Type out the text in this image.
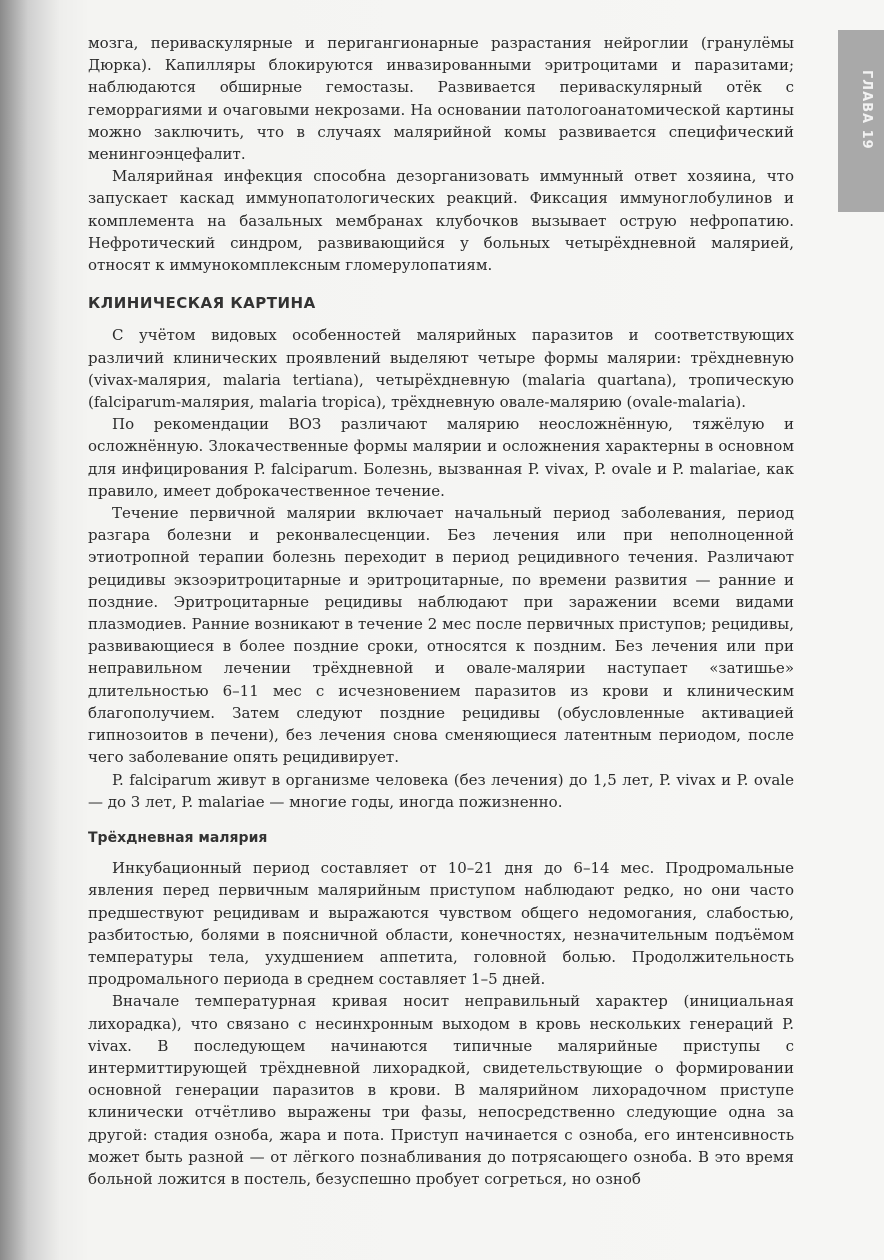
ГЛАВА 19

мозга, периваскулярные и перигангионарные разрастания нейроглии (гранулёмы Дюрка). Капилляры блокируются инвазированными эритроцитами и паразитами; наблюдаются обширные гемостазы. Развивается периваскулярный отёк с геморрагиями и очаговыми некрозами. На основании патологоанатомической картины можно заключить, что в случаях малярийной комы развивается специфический менингоэнцефалит.

Малярийная инфекция способна дезорганизовать иммунный ответ хозяина, что запускает каскад иммунопатологических реакций. Фиксация иммуноглобулинов и комплемента на базальных мембранах клубочков вызывает острую нефропатию. Нефротический синдром, развивающийся у больных четырёхдневной малярией, относят к иммунокомплексным гломерулопатиям.

КЛИНИЧЕСКАЯ КАРТИНА

С учётом видовых особенностей малярийных паразитов и соответствующих различий клинических проявлений выделяют четыре формы малярии: трёхдневную (vivax-малярия, malaria tertiana), четырёхдневную (malaria quartana), тропическую (falciparum-малярия, malaria tropica), трёхдневную овале-малярию (ovale-malaria).

По рекомендации ВОЗ различают малярию неосложнённую, тяжёлую и осложнённую. Злокачественные формы малярии и осложнения характерны в основном для инфицирования P. falciparum. Болезнь, вызванная P. vivax, P. ovale и P. malariae, как правило, имеет доброкачественное течение.

Течение первичной малярии включает начальный период заболевания, период разгара болезни и реконвалесценции. Без лечения или при неполноценной этиотропной терапии болезнь переходит в период рецидивного течения. Различают рецидивы экзоэритроцитарные и эритроцитарные, по времени развития — ранние и поздние. Эритроцитарные рецидивы наблюдают при заражении всеми видами плазмодиев. Ранние возникают в течение 2 мес после первичных приступов; рецидивы, развивающиеся в более поздние сроки, относятся к поздним. Без лечения или при неправильном лечении трёхдневной и овале-малярии наступает «затишье» длительностью 6–11 мес с исчезновением паразитов из крови и клиническим благополучием. Затем следуют поздние рецидивы (обусловленные активацией гипнозоитов в печени), без лечения снова сменяющиеся латентным периодом, после чего заболевание опять рецидивирует.

P. falciparum живут в организме человека (без лечения) до 1,5 лет, P. vivax и P. ovale — до 3 лет, P. malariae — многие годы, иногда пожизненно.

Трёхдневная малярия

Инкубационный период составляет от 10–21 дня до 6–14 мес. Продромальные явления перед первичным малярийным приступом наблюдают редко, но они часто предшествуют рецидивам и выражаются чувством общего недомогания, слабостью, разбитостью, болями в поясничной области, конечностях, незначительным подъёмом температуры тела, ухудшением аппетита, головной болью. Продолжительность продромального периода в среднем составляет 1–5 дней.

Вначале температурная кривая носит неправильный характер (инициальная лихорадка), что связано с несинхронным выходом в кровь нескольких генераций P. vivax. В последующем начинаются типичные малярийные приступы с интермиттирующей трёхдневной лихорадкой, свидетельствующие о формировании основной генерации паразитов в крови. В малярийном лихорадочном приступе клинически отчётливо выражены три фазы, непосредственно следующие одна за другой: стадия озноба, жара и пота. Приступ начинается с озноба, его интенсивность может быть разной — от лёгкого познабливания до потрясающего озноба. В это время больной ложится в постель, безуспешно пробует согреться, но озноб
